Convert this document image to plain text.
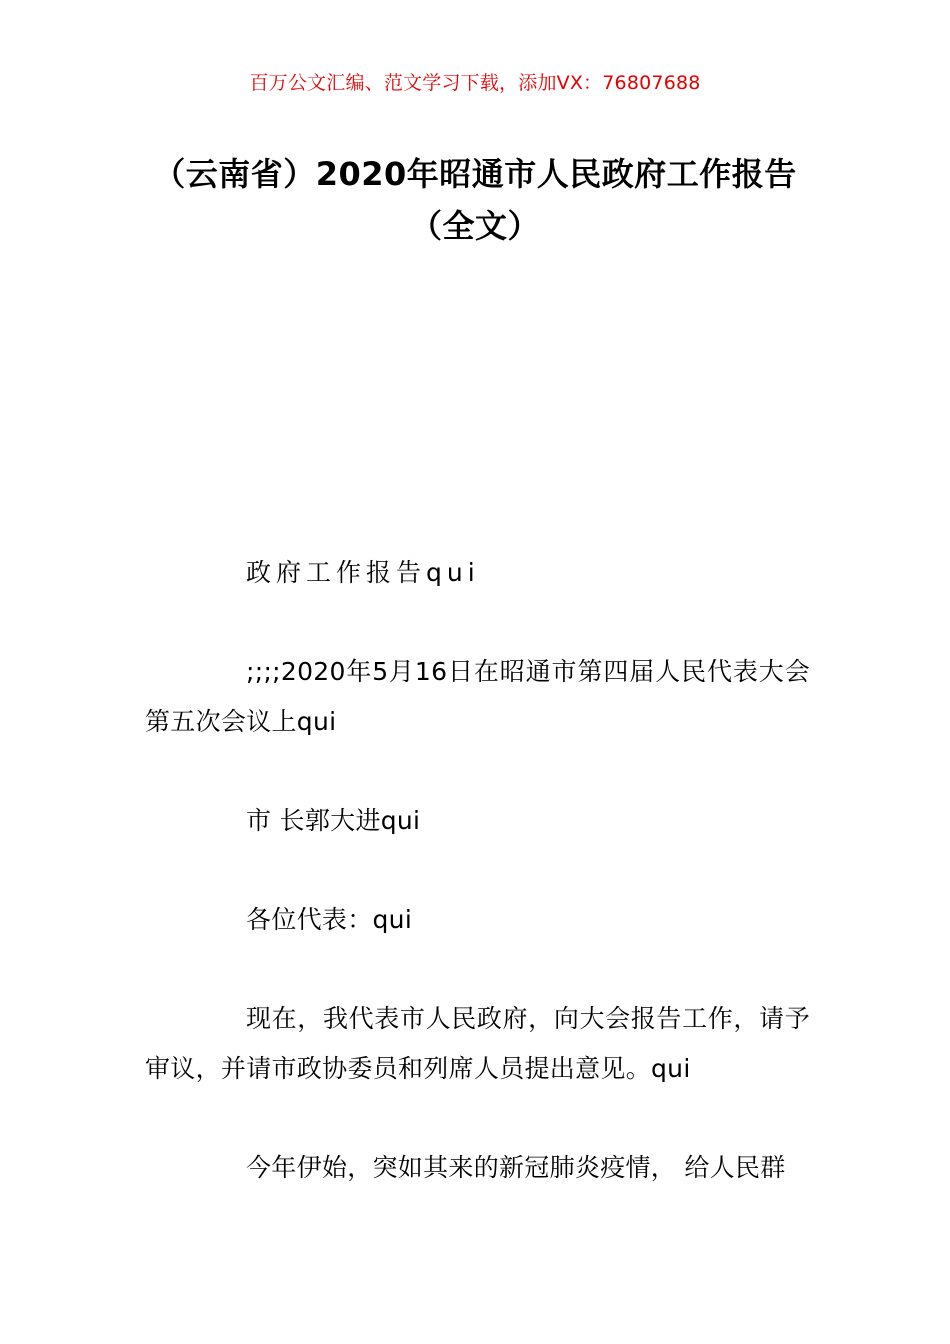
百万公文汇编、范文学习下载，添加VX：76807688
（云南省）2020年昭通市人民政府工作报告（全文）

政府工作报告qui

;;;;2020年5月16日在昭通市第四届人民代表大会第五次会议上qui

市 长郭大进qui

各位代表：qui

现在，我代表市人民政府，向大会报告工作，请予审议，并请市政协委员和列席人员提出意见。qui

今年伊始，突如其来的新冠肺炎疫情， 给人民群
